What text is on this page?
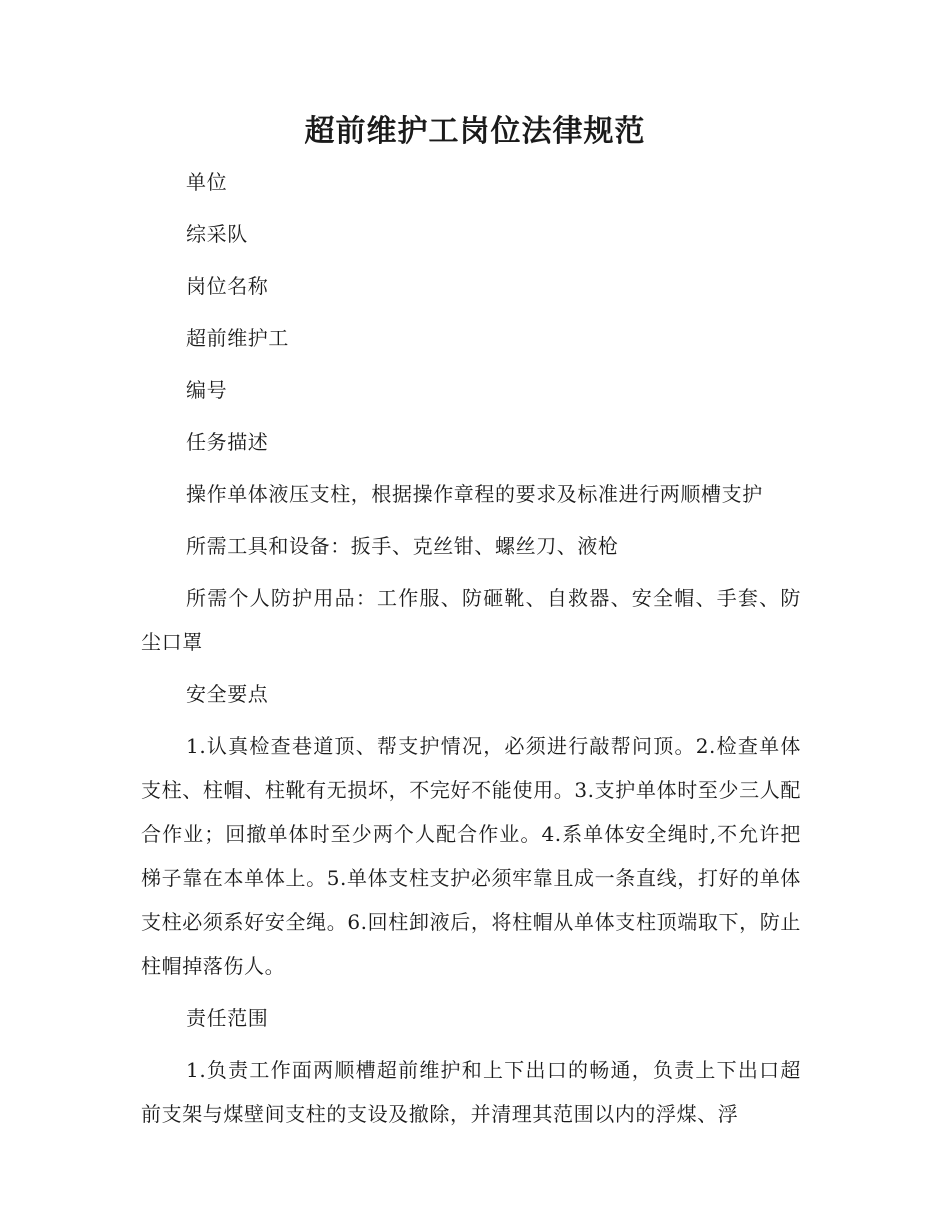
超前维护工岗位法律规范

单位

综采队

岗位名称

超前维护工

编号

任务描述

操作单体液压支柱，根据操作章程的要求及标准进行两顺槽支护

所需工具和设备：扳手、克丝钳、螺丝刀、液枪

所需个人防护用品：工作服、防砸靴、自救器、安全帽、手套、防尘口罩

安全要点

1.认真检查巷道顶、帮支护情况，必须进行敲帮问顶。2.检查单体支柱、柱帽、柱靴有无损坏，不完好不能使用。3.支护单体时至少三人配合作业；回撤单体时至少两个人配合作业。4.系单体安全绳时,不允许把梯子靠在本单体上。5.单体支柱支护必须牢靠且成一条直线，打好的单体支柱必须系好安全绳。6.回柱卸液后，将柱帽从单体支柱顶端取下，防止柱帽掉落伤人。

责任范围

1.负责工作面两顺槽超前维护和上下出口的畅通，负责上下出口超前支架与煤壁间支柱的支设及撤除，并清理其范围以内的浮煤、浮
